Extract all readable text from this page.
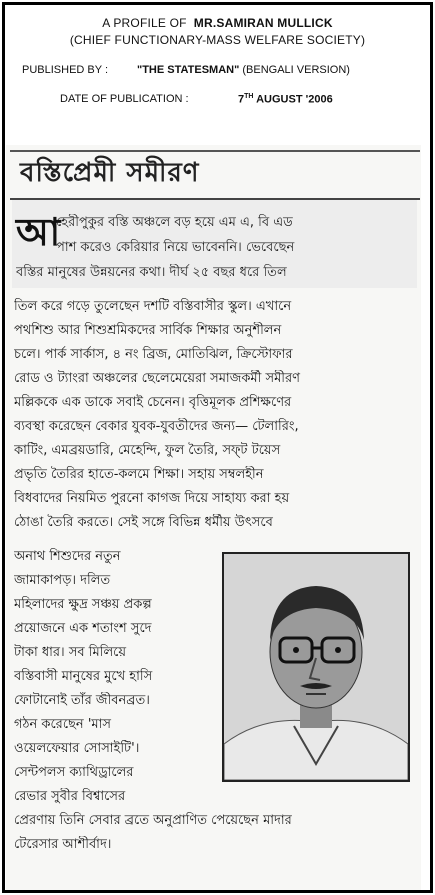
A PROFILE OF MR.SAMIRAN MULLICK
(CHIEF FUNCTIONARY-MASS WELFARE SOCIETY)
PUBLISHED BY :	"THE STATESMAN" (BENGALI VERSION)
DATE OF PUBLICATION :	7TH AUGUST '2006
বস্তিপ্রেমী সমীরণ
আ
হেরীপুকুর বস্তি অঞ্চলে বড় হয়ে এম এ, বি এড
পাশ করেও কেরিয়ার নিয়ে ভাবেননি। ভেবেছেন
বস্তির মানুষের উন্নয়নের কথা। দীর্ঘ ২৫ বছর ধরে তিল
তিল করে গড়ে তুলেছেন দশটি বস্তিবাসীর স্কুল। এখানে
পথশিশু আর শিশুশ্রমিকদের সার্বিক শিক্ষার অনুশীলন
চলে। পার্ক সার্কাস, ৪ নং ব্রিজ, মোতিঝিল, ক্রিস্টোফার
রোড ও ট্যাংরা অঞ্চলের ছেলেমেয়েরা সমাজকর্মী সমীরণ
মল্লিককে এক ডাকে সবাই চেনেন। বৃত্তিমূলক প্রশিক্ষণের
ব্যবস্থা করেছেন বেকার যুবক-যুবতীদের জন্য— টেলারিং,
কাটিং, এমব্রয়ডারি, মেহেন্দি, ফুল তৈরি, সফ্‌ট টয়েস
প্রভৃতি তৈরির হাতে-কলমে শিক্ষা। সহায় সম্বলহীন
বিধবাদের নিয়মিত পুরনো কাগজ দিয়ে সাহায্য করা হয়
ঠোঙা তৈরি করতে। সেই সঙ্গে বিভিন্ন ধর্মীয় উৎসবে
অনাথ শিশুদের নতুন
জামাকাপড়। দলিত
মহিলাদের ক্ষুদ্র সঞ্চয় প্রকল্প
প্রয়োজনে এক শতাংশ সুদে
টাকা ধার। সব মিলিয়ে
বস্তিবাসী মানুষের মুখে হাসি
ফোটানোই তাঁর জীবনব্রত।
গঠন করেছেন 'মাস
ওয়েলফেয়ার সোসাইটি'।
সেন্টপলস ক্যাথিড্রালের
রেভার সুবীর বিশ্বাসের
প্রেরণায় তিনি সেবার ব্রতে অনুপ্রাণিত পেয়েছেন মাদার
টেরেসার আশীর্বাদ।
